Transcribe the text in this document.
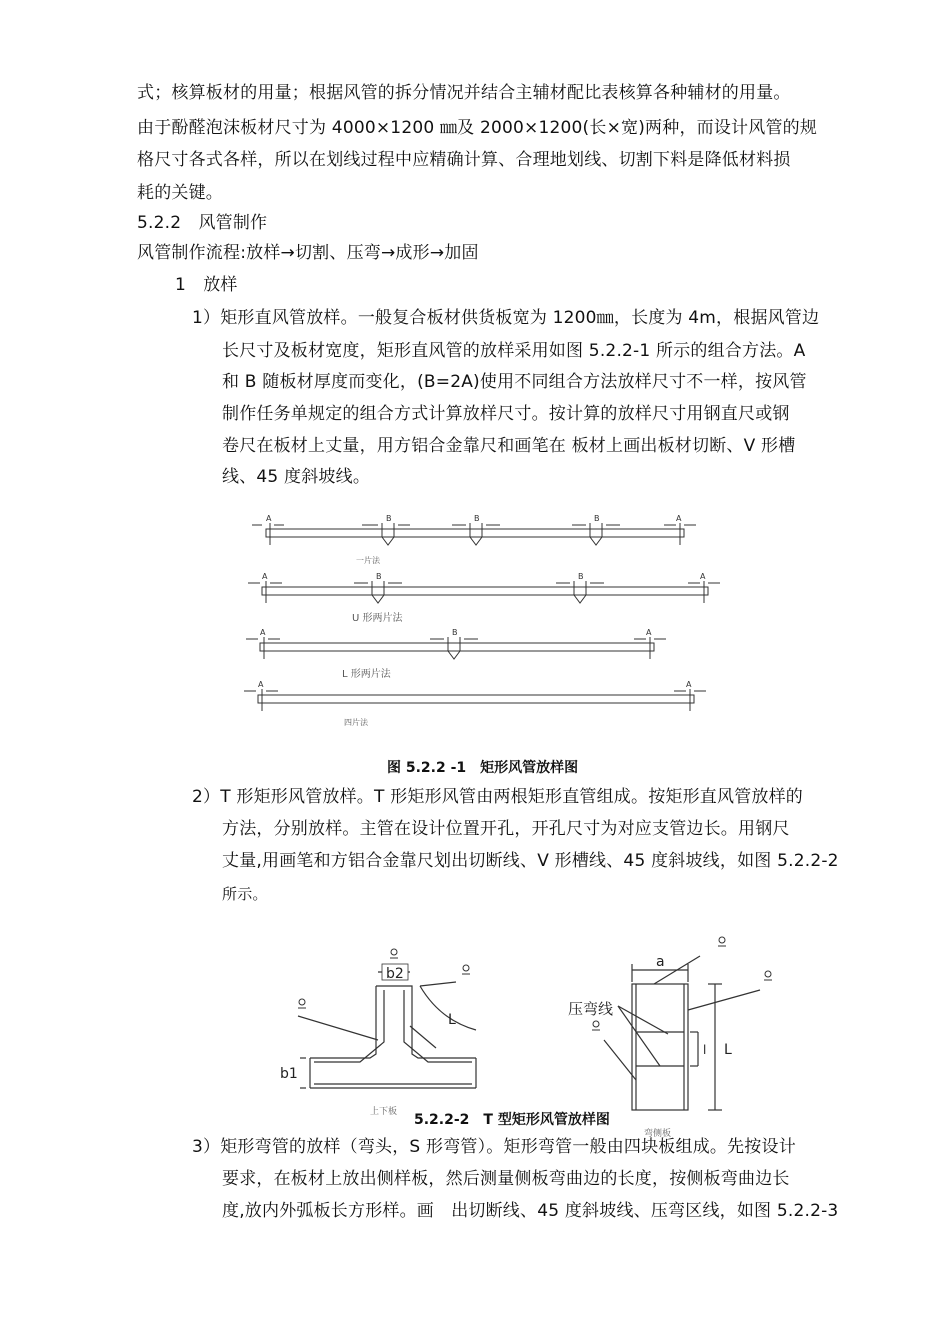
式；核算板材的用量；根据风管的拆分情况并结合主辅材配比表核算各种辅材的用量。
由于酚醛泡沫板材尺寸为 4000×1200 ㎜及 2000×1200(长×宽)两种，而设计风管的规
格尺寸各式各样，所以在划线过程中应精确计算、合理地划线、切割下料是降低材料损
耗的关键。
5.2.2　风管制作
风管制作流程:放样→切割、压弯→成形→加固
1　放样
1）矩形直风管放样。一般复合板材供货板宽为 1200㎜，长度为 4m，根据风管边
长尺寸及板材宽度，矩形直风管的放样采用如图 5.2.2-1 所示的组合方法。A
和 B 随板材厚度而变化，(B=2A)使用不同组合方法放样尺寸不一样，按风管
制作任务单规定的组合方式计算放样尺寸。按计算的放样尺寸用钢直尺或钢
卷尺在板材上丈量，用方铝合金靠尺和画笔在 板材上画出板材切断、V 形槽
线、45 度斜坡线。
A	B	B	B	A
A	B	B	A
A	B	A
A	A
一片法
U 形两片法
L 形两片法
四片法
图 5.2.2 -1　矩形风管放样图
2）T 形矩形风管放样。T 形矩形风管由两根矩形直管组成。按矩形直风管放样的
方法，分别放样。主管在设计位置开孔，开孔尺寸为对应支管边长。用钢尺
丈量,用画笔和方铝合金靠尺划出切断线、V 形槽线、45 度斜坡线，如图 5.2.2-2
所示。
b2
b1
L
a
L
l
压弯线
上下板
弯侧板
5.2.2-2　T 型矩形风管放样图
3）矩形弯管的放样（弯头，S 形弯管）。矩形弯管一般由四块板组成。先按设计
要求，在板材上放出侧样板，然后测量侧板弯曲边的长度，按侧板弯曲边长
度,放内外弧板长方形样。画　出切断线、45 度斜坡线、压弯区线，如图 5.2.2-3
